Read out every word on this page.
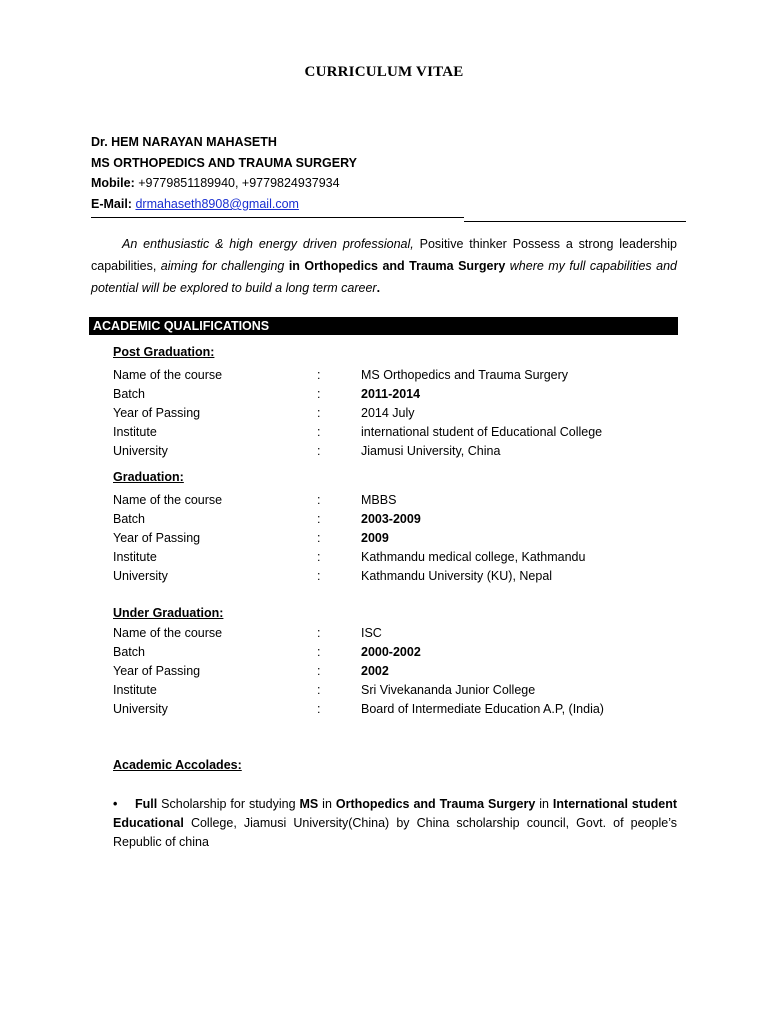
CURRICULUM VITAE
Dr. HEM NARAYAN MAHASETH
MS ORTHOPEDICS AND TRAUMA SURGERY
Mobile: +9779851189940, +9779824937934
E-Mail: drmahaseth8908@gmail.com
An enthusiastic & high energy driven professional, Positive thinker Possess a strong leadership capabilities, aiming for challenging in Orthopedics and Trauma Surgery where my full capabilities and potential will be explored to build a long term career.
ACADEMIC QUALIFICATIONS
Post Graduation:
Name of the course	:	MS Orthopedics and Trauma Surgery
Batch	:	2011-2014
Year of Passing	:	2014 July
Institute	:	international student of Educational College
University	:	Jiamusi University, China
Graduation:
Name of the course	:	MBBS
Batch	:	2003-2009
Year of Passing	:	2009
Institute	:	Kathmandu medical college, Kathmandu
University	:	Kathmandu University (KU), Nepal
Under Graduation:
Name of the course	:	ISC
Batch	:	2000-2002
Year of Passing	:	2002
Institute	:	Sri Vivekananda Junior College
University	:	Board of Intermediate Education A.P, (India)
Academic Accolades:
•	Full Scholarship for studying MS in Orthopedics and Trauma Surgery in International student Educational College, Jiamusi University(China) by China scholarship council, Govt. of people’s Republic of china
